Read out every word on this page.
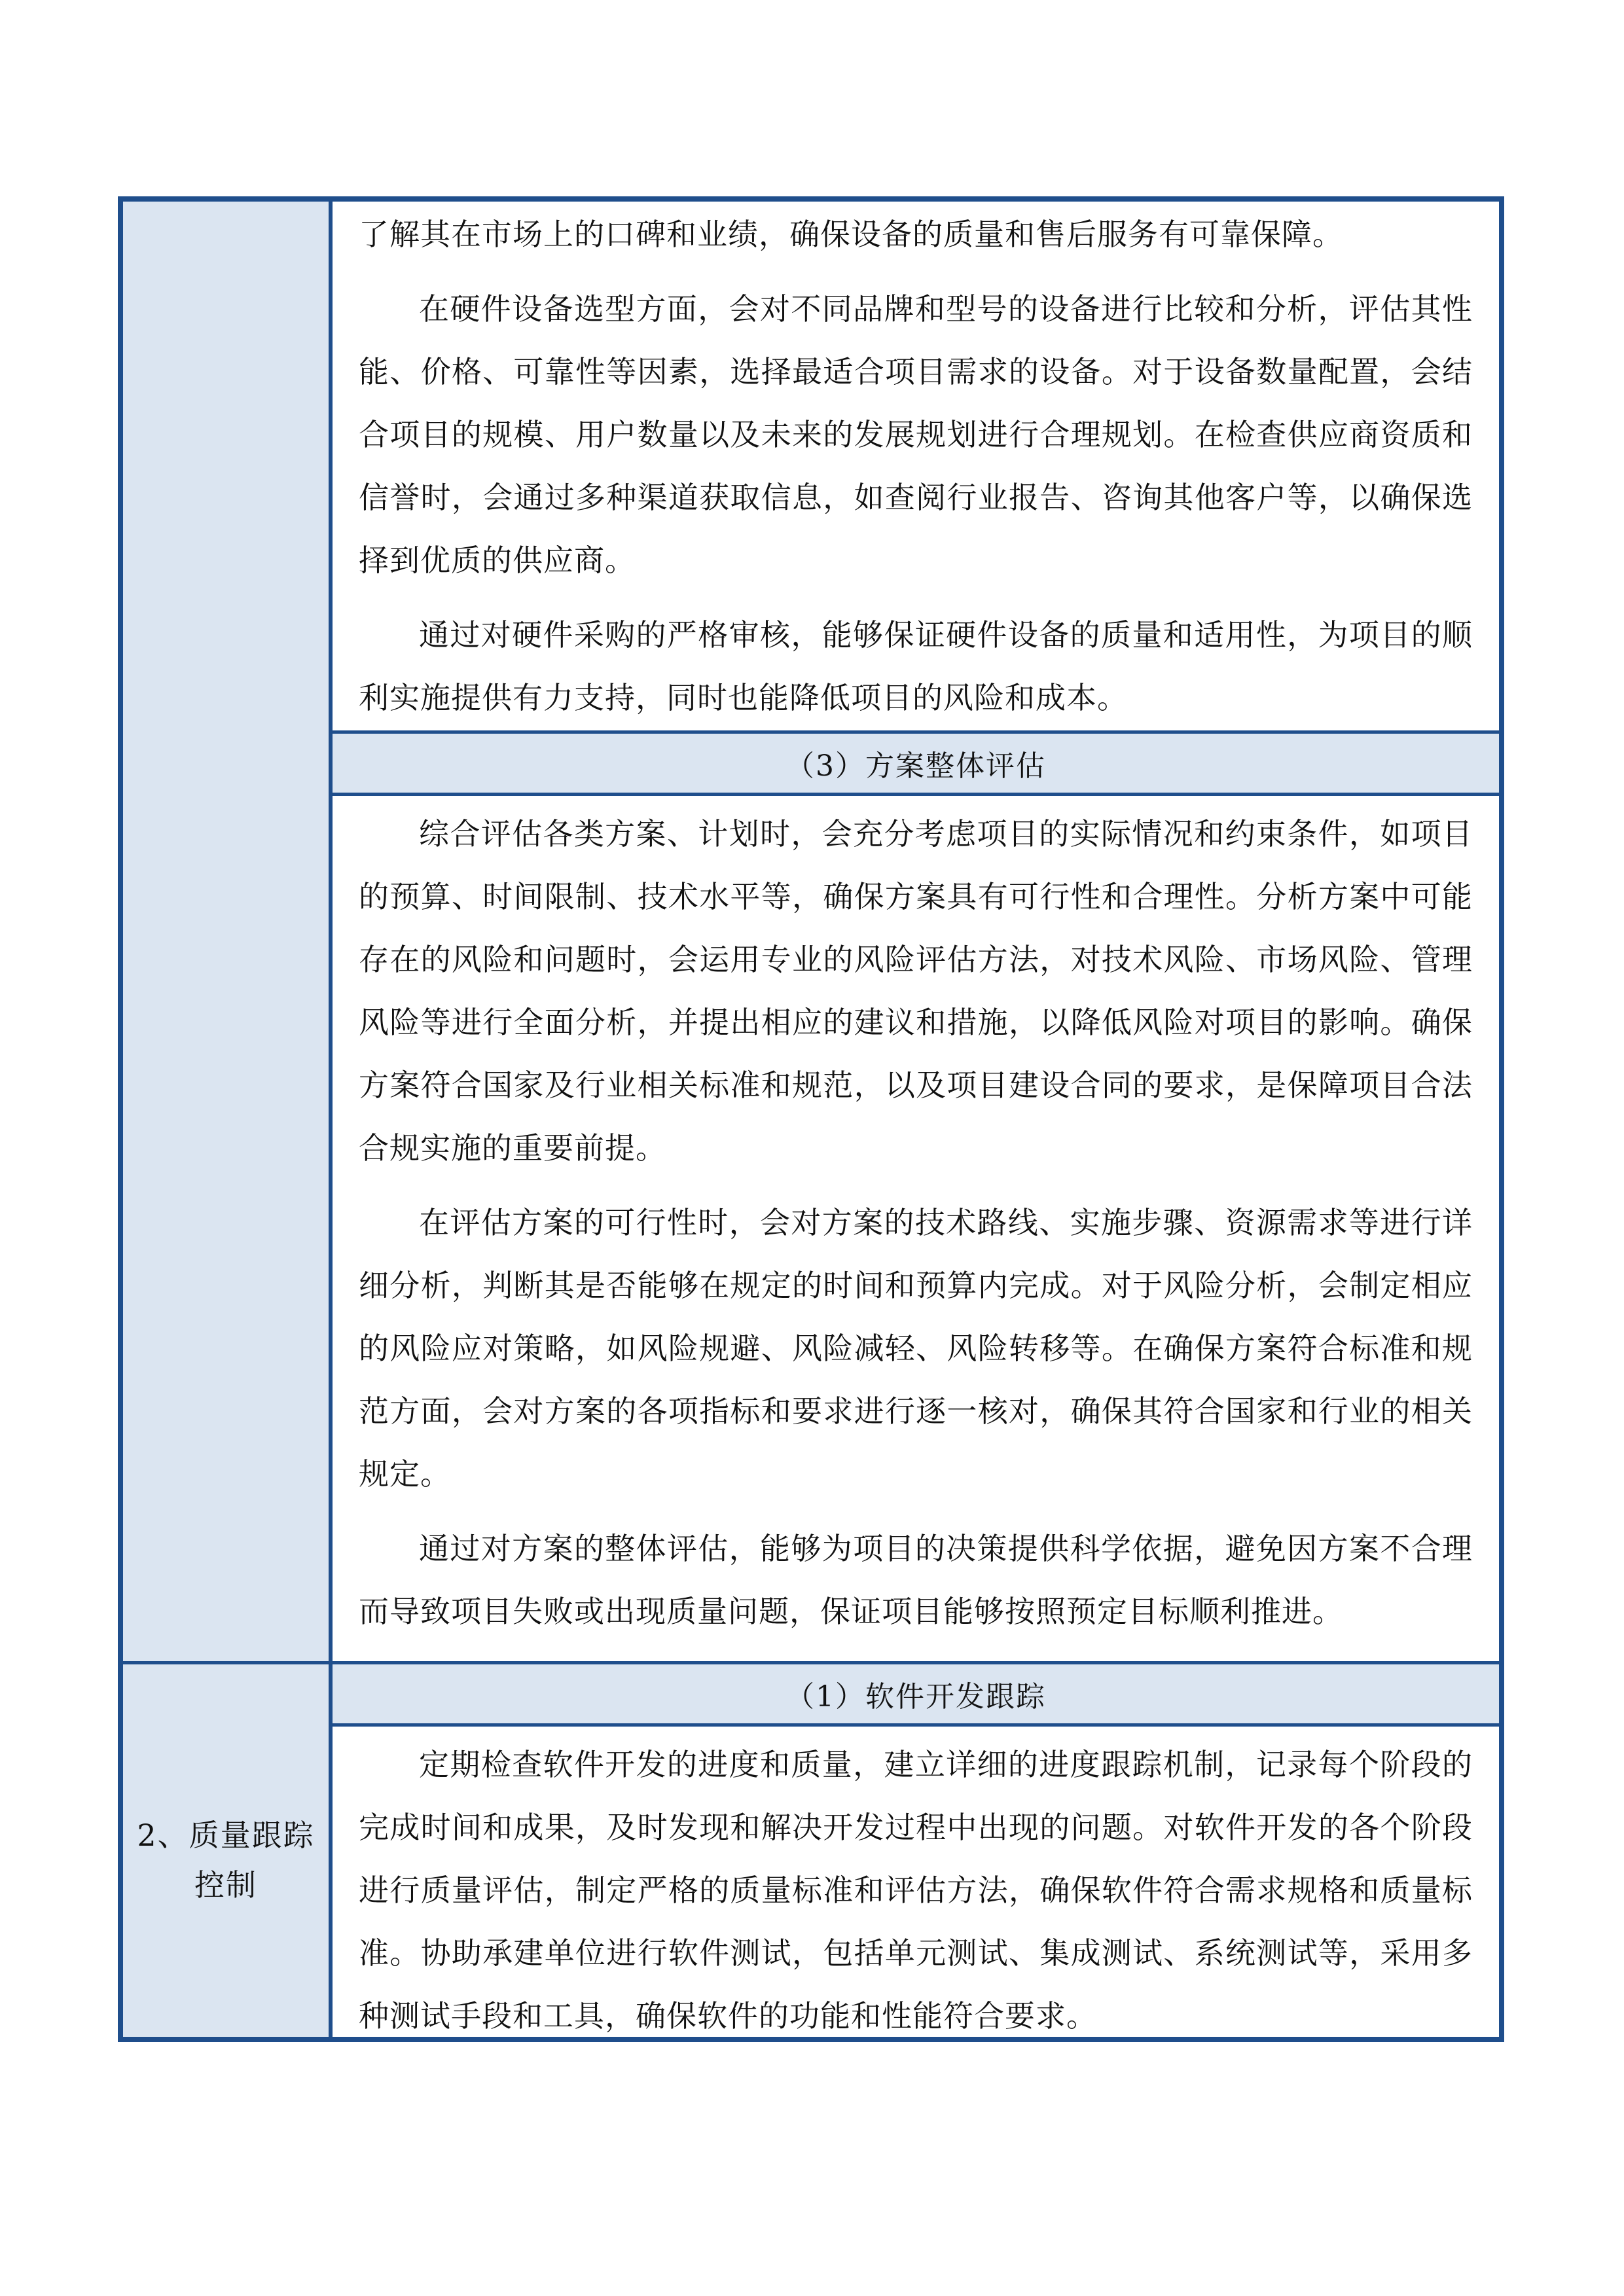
了解其在市场上的口碑和业绩，确保设备的质量和售后服务有可靠保障。

在硬件设备选型方面，会对不同品牌和型号的设备进行比较和分析，评估其性能、价格、可靠性等因素，选择最适合项目需求的设备。对于设备数量配置，会结合项目的规模、用户数量以及未来的发展规划进行合理规划。在检查供应商资质和信誉时，会通过多种渠道获取信息，如查阅行业报告、咨询其他客户等，以确保选择到优质的供应商。

通过对硬件采购的严格审核，能够保证硬件设备的质量和适用性，为项目的顺利实施提供有力支持，同时也能降低项目的风险和成本。

（3）方案整体评估

综合评估各类方案、计划时，会充分考虑项目的实际情况和约束条件，如项目的预算、时间限制、技术水平等，确保方案具有可行性和合理性。分析方案中可能存在的风险和问题时，会运用专业的风险评估方法，对技术风险、市场风险、管理风险等进行全面分析，并提出相应的建议和措施，以降低风险对项目的影响。确保方案符合国家及行业相关标准和规范，以及项目建设合同的要求，是保障项目合法合规实施的重要前提。

在评估方案的可行性时，会对方案的技术路线、实施步骤、资源需求等进行详细分析，判断其是否能够在规定的时间和预算内完成。对于风险分析，会制定相应的风险应对策略，如风险规避、风险减轻、风险转移等。在确保方案符合标准和规范方面，会对方案的各项指标和要求进行逐一核对，确保其符合国家和行业的相关规定。

通过对方案的整体评估，能够为项目的决策提供科学依据，避免因方案不合理而导致项目失败或出现质量问题，保证项目能够按照预定目标顺利推进。

（1）软件开发跟踪
2、质量跟踪控制

定期检查软件开发的进度和质量，建立详细的进度跟踪机制，记录每个阶段的完成时间和成果，及时发现和解决开发过程中出现的问题。对软件开发的各个阶段进行质量评估，制定严格的质量标准和评估方法，确保软件符合需求规格和质量标准。协助承建单位进行软件测试，包括单元测试、集成测试、系统测试等，采用多种测试手段和工具，确保软件的功能和性能符合要求。
